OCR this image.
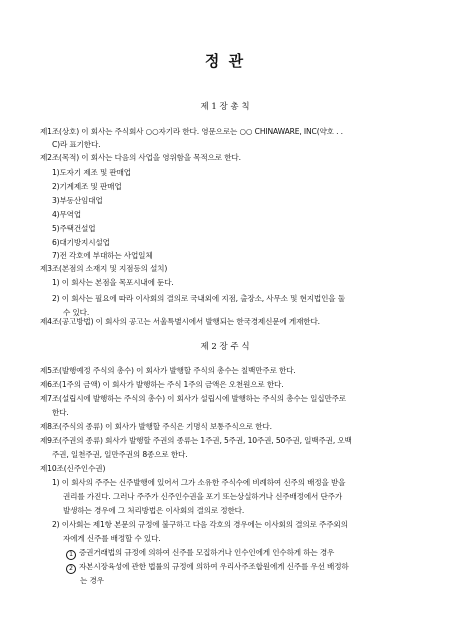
정 관
제 1 장 총 칙
제1조(상호) 이 회사는 주식회사 ○○자기라 한다. 영문으로는 ○○ CHINAWARE, INC(약호 . .
C)라 표기한다.
제2조(목적) 이 회사는 다음의 사업을 영위함을 목적으로 한다.
1)도자기 제조 및 판매업
2)기계제조 및 판매업
3)부동산임대업
4)무역업
5)주택건설업
6)대기방지시설업
7)전 각호에 부대하는 사업일체
제3조(본점의 소재지 및 지점등의 설치)
1) 이 회사는 본점을 목포시내에 둔다.
2) 이 회사는 필요에 따라 이사회의 결의로 국내외에 지점, 출장소, 사무소 및 현지법인을 둘
수 있다.
제4조(공고방법) 이 회사의 공고는 서울특별시에서 발행되는 한국경제신문에 게재한다.
제 2 장 주 식
제5조(발행예정 주식의 총수) 이 회사가 발행할 주식의 총수는 칠백만주로 한다.
제6조(1주의 금액) 이 회사가 발행하는 주식 1주의 금액은 오천원으로 한다.
제7조(설립시에 발행하는 주식의 총수) 이 회사가 설립시에 발행하는 주식의 총수는 일십만주로
한다.
제8조(주식의 종류) 이 회사가 발행할 주식은 기명식 보통주식으로 한다.
제9조(주권의 종류) 회사가 발행할 주권의 종류는 1주권, 5주권, 10주권, 50주권, 일백주권, 오백
주권, 일천주권, 일만주권의 8종으로 한다.
제10조(신주인수권)
1) 이 회사의 주주는 신주발행에 있어서 그가 소유한 주식수에 비례하여 신주의 배정을 받을
권리를 가진다. 그러나 주주가 신주인수권을 포기 또는상실하거나 신주배정에서 단주가
발생하는 경우에 그 처리방법은 이사회의 결의로 정한다.
2) 이사회는 제1항 본문의 규정에 불구하고 다음 각호의 경우에는 이사회의 결의로 주주외의
자에게 신주를 배정할 수 있다.
1 증권거래법의 규정에 의하여 신주를 모집하거나 인수인에게 인수하게 하는 경우
2 자본시장육성에 관한 법률의 규정에 의하여 우리사주조합원에게 신주를 우선 배정하
는 경우
